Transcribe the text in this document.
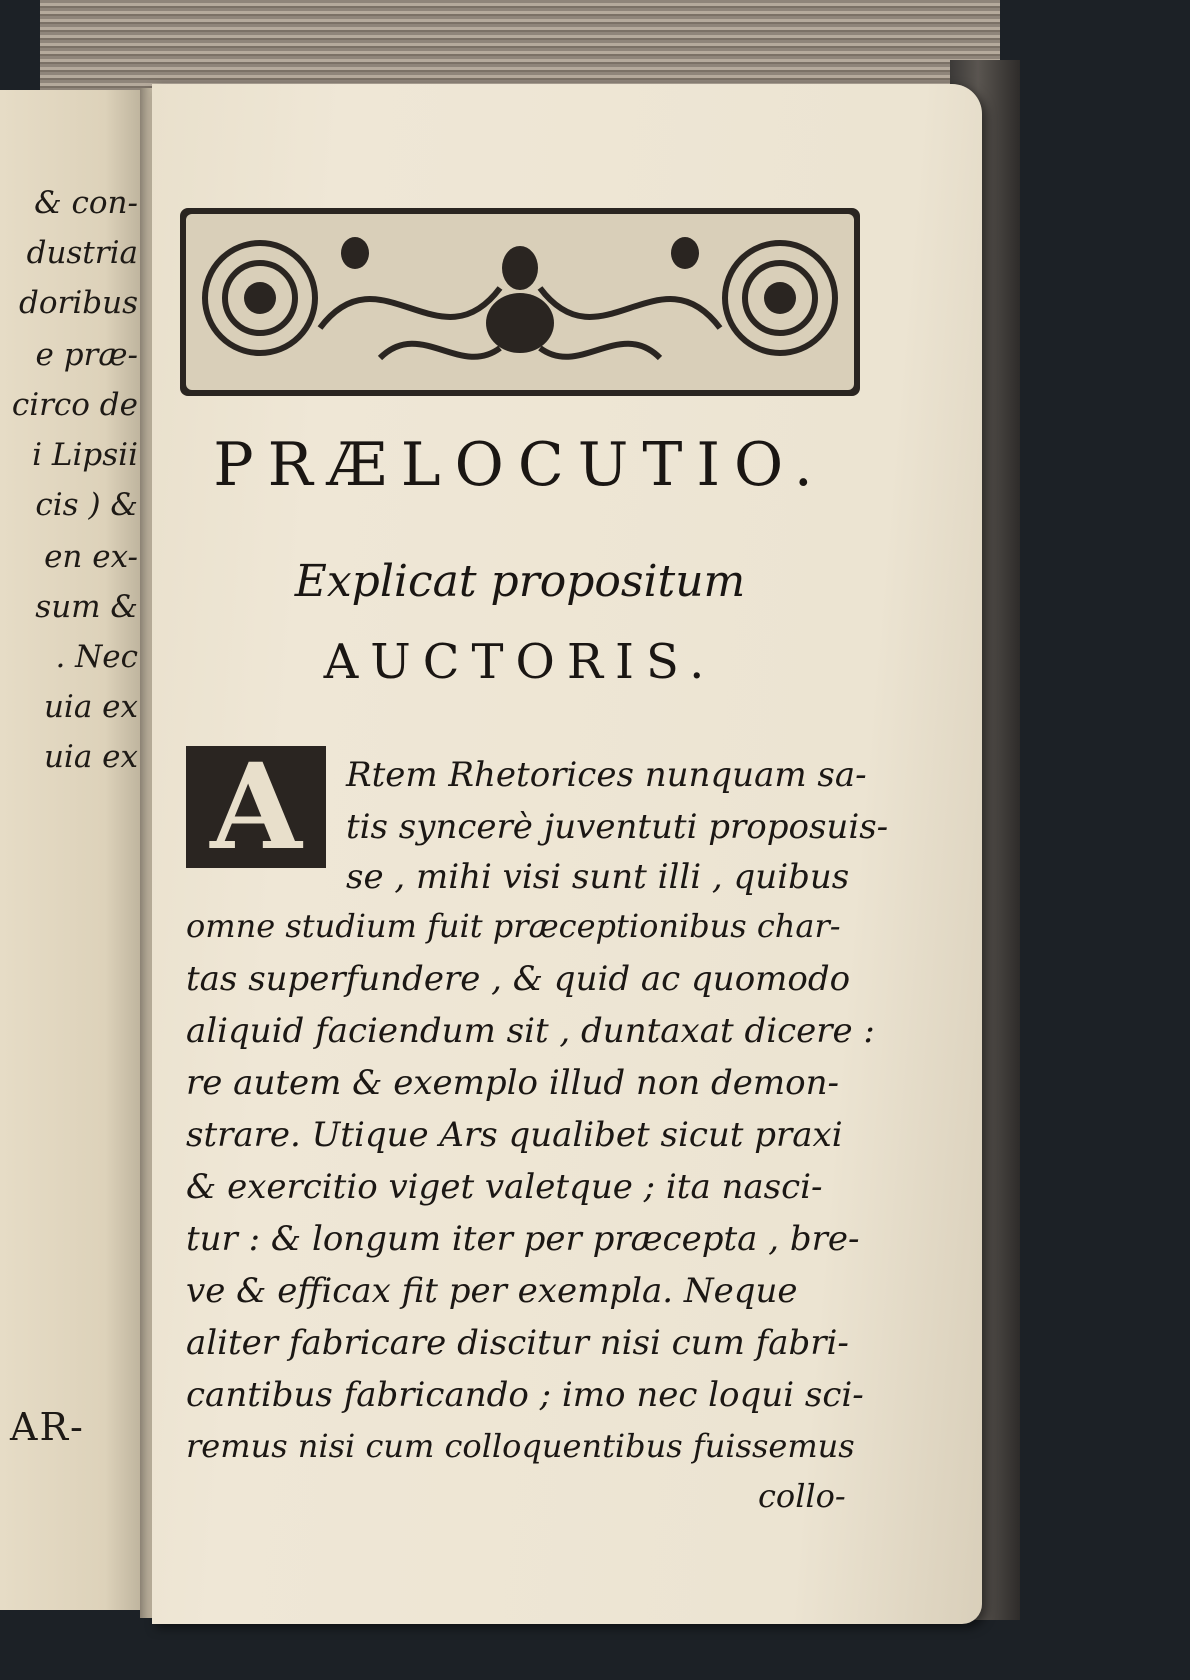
& con-
dustria
doribus
e præ-
circo de
i Lipsii
cis ) &
en ex-
sum &
. Nec
uia ex
uia ex
AR-
PRÆLOCUTIO.
Explicat propositum
AUCTORIS.
A	Rtem Rhetorices nunquam sa-
tis syncerè juventuti proposuis-
se , mihi visi sunt illi , quibus
omne studium fuit præceptionibus char-
tas superfundere , & quid ac quomodo
aliquid faciendum sit , duntaxat dicere :
re autem & exemplo illud non demon-
strare. Utique Ars qualibet sicut praxi
& exercitio viget valetque ; ita nasci-
tur : & longum iter per præcepta , bre-
ve & efficax fit per exempla. Neque
aliter fabricare discitur nisi cum fabri-
cantibus fabricando ; imo nec loqui sci-
remus nisi cum colloquentibus fuissemus
collo-
